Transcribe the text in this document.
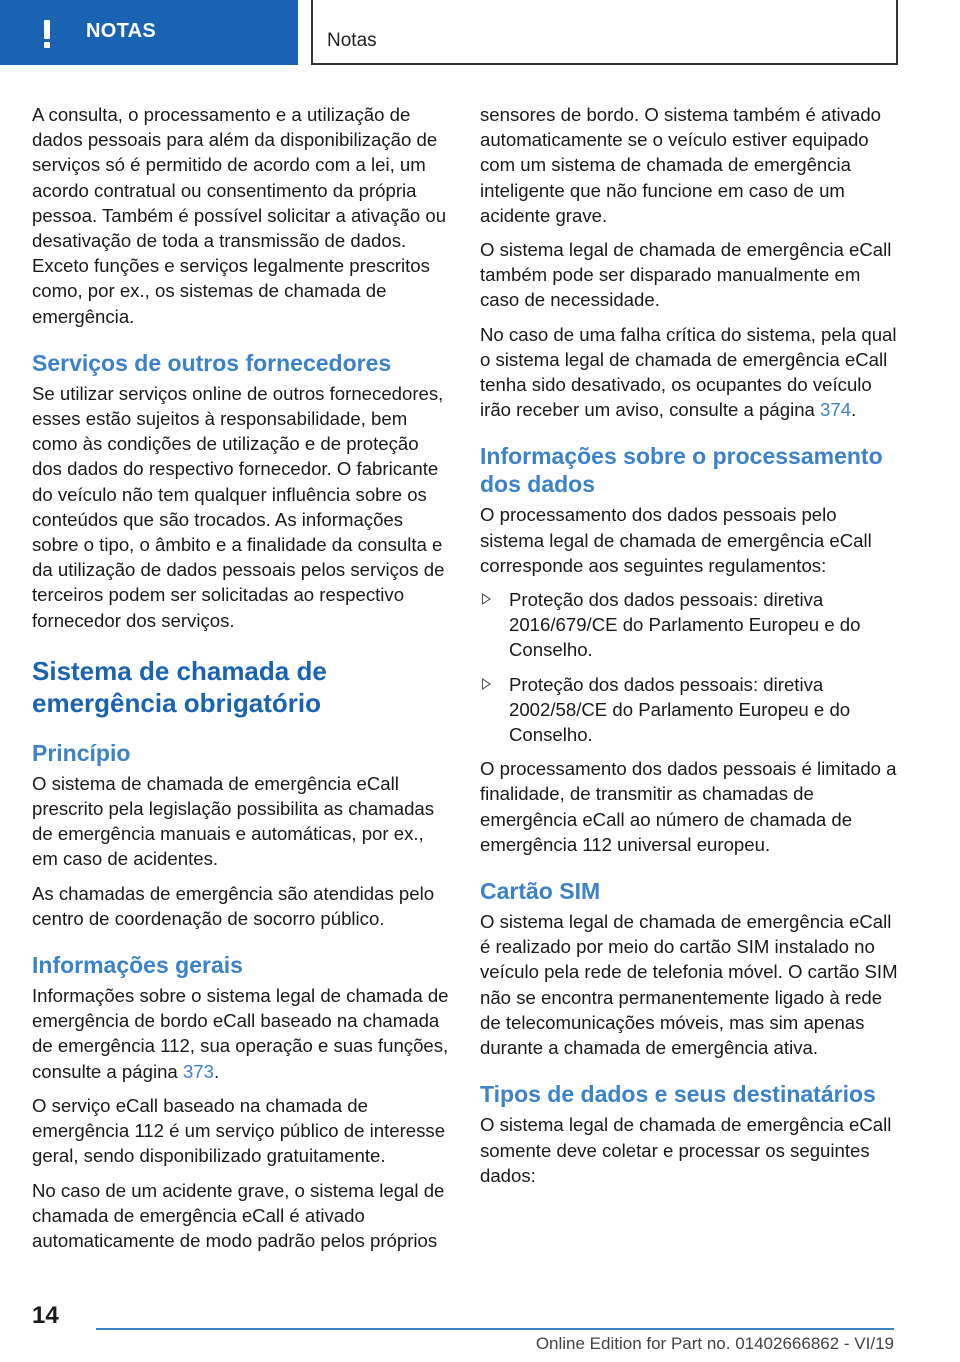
NOTAS	Notas

A consulta, o processamento e a utilização de dados pessoais para além da disponibilização de serviços só é permitido de acordo com a lei, um acordo contratual ou consentimento da própria pessoa. Também é possível solicitar a ativação ou desativação de toda a transmissão de dados. Exceto funções e serviços legalmente prescritos como, por ex., os sistemas de chamada de emergência.

Serviços de outros fornecedores

Se utilizar serviços online de outros fornecedores, esses estão sujeitos à responsabilidade, bem como às condições de utilização e de proteção dos dados do respectivo fornecedor. O fabricante do veículo não tem qualquer influência sobre os conteúdos que são trocados. As informações sobre o tipo, o âmbito e a finalidade da consulta e da utilização de dados pessoais pelos serviços de terceiros podem ser solicitadas ao respectivo fornecedor dos serviços.

Sistema de chamada de emergência obrigatório
Princípio

O sistema de chamada de emergência eCall prescrito pela legislação possibilita as chamadas de emergência manuais e automáticas, por ex., em caso de acidentes.

As chamadas de emergência são atendidas pelo centro de coordenação de socorro público.

Informações gerais

Informações sobre o sistema legal de chamada de emergência de bordo eCall baseado na chamada de emergência 112, sua operação e suas funções, consulte a página 373.

O serviço eCall baseado na chamada de emergência 112 é um serviço público de interesse geral, sendo disponibilizado gratuitamente.

No caso de um acidente grave, o sistema legal de chamada de emergência eCall é ativado automaticamente de modo padrão pelos próprios

sensores de bordo. O sistema também é ativado automaticamente se o veículo estiver equipado com um sistema de chamada de emergência inteligente que não funcione em caso de um acidente grave.

O sistema legal de chamada de emergência eCall também pode ser disparado manualmente em caso de necessidade.

No caso de uma falha crítica do sistema, pela qual o sistema legal de chamada de emergência eCall tenha sido desativado, os ocupantes do veículo irão receber um aviso, consulte a página 374.

Informações sobre o processamento dos dados

O processamento dos dados pessoais pelo sistema legal de chamada de emergência eCall corresponde aos seguintes regulamentos:

Proteção dos dados pessoais: diretiva 2016/679/CE do Parlamento Europeu e do Conselho.
Proteção dos dados pessoais: diretiva 2002/58/CE do Parlamento Europeu e do Conselho.

O processamento dos dados pessoais é limitado a finalidade, de transmitir as chamadas de emergência eCall ao número de chamada de emergência 112 universal europeu.

Cartão SIM

O sistema legal de chamada de emergência eCall é realizado por meio do cartão SIM instalado no veículo pela rede de telefonia móvel. O cartão SIM não se encontra permanentemente ligado à rede de telecomunicações móveis, mas sim apenas durante a chamada de emergência ativa.

Tipos de dados e seus destinatários

O sistema legal de chamada de emergência eCall somente deve coletar e processar os seguintes dados:

14
Online Edition for Part no. 01402666862 - VI/19
